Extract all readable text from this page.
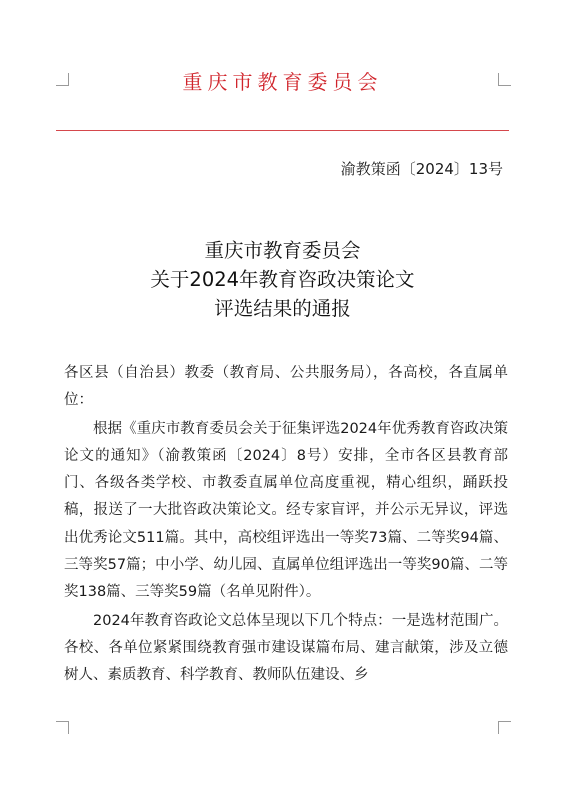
重庆市教育委员会
渝教策函〔2024〕13号
重庆市教育委员会
关于2024年教育咨政决策论文
评选结果的通报

各区县（自治县）教委（教育局、公共服务局），各高校，各直属单位：

根据《重庆市教育委员会关于征集评选2024年优秀教育咨政决策论文的通知》（渝教策函〔2024〕8号）安排，全市各区县教育部门、各级各类学校、市教委直属单位高度重视，精心组织，踊跃投稿，报送了一大批咨政决策论文。经专家盲评，并公示无异议，评选出优秀论文511篇。其中，高校组评选出一等奖73篇、二等奖94篇、三等奖57篇；中小学、幼儿园、直属单位组评选出一等奖90篇、二等奖138篇、三等奖59篇（名单见附件）。

2024年教育咨政论文总体呈现以下几个特点：一是选材范围广。各校、各单位紧紧围绕教育强市建设谋篇布局、建言献策，涉及立德树人、素质教育、科学教育、教师队伍建设、乡
